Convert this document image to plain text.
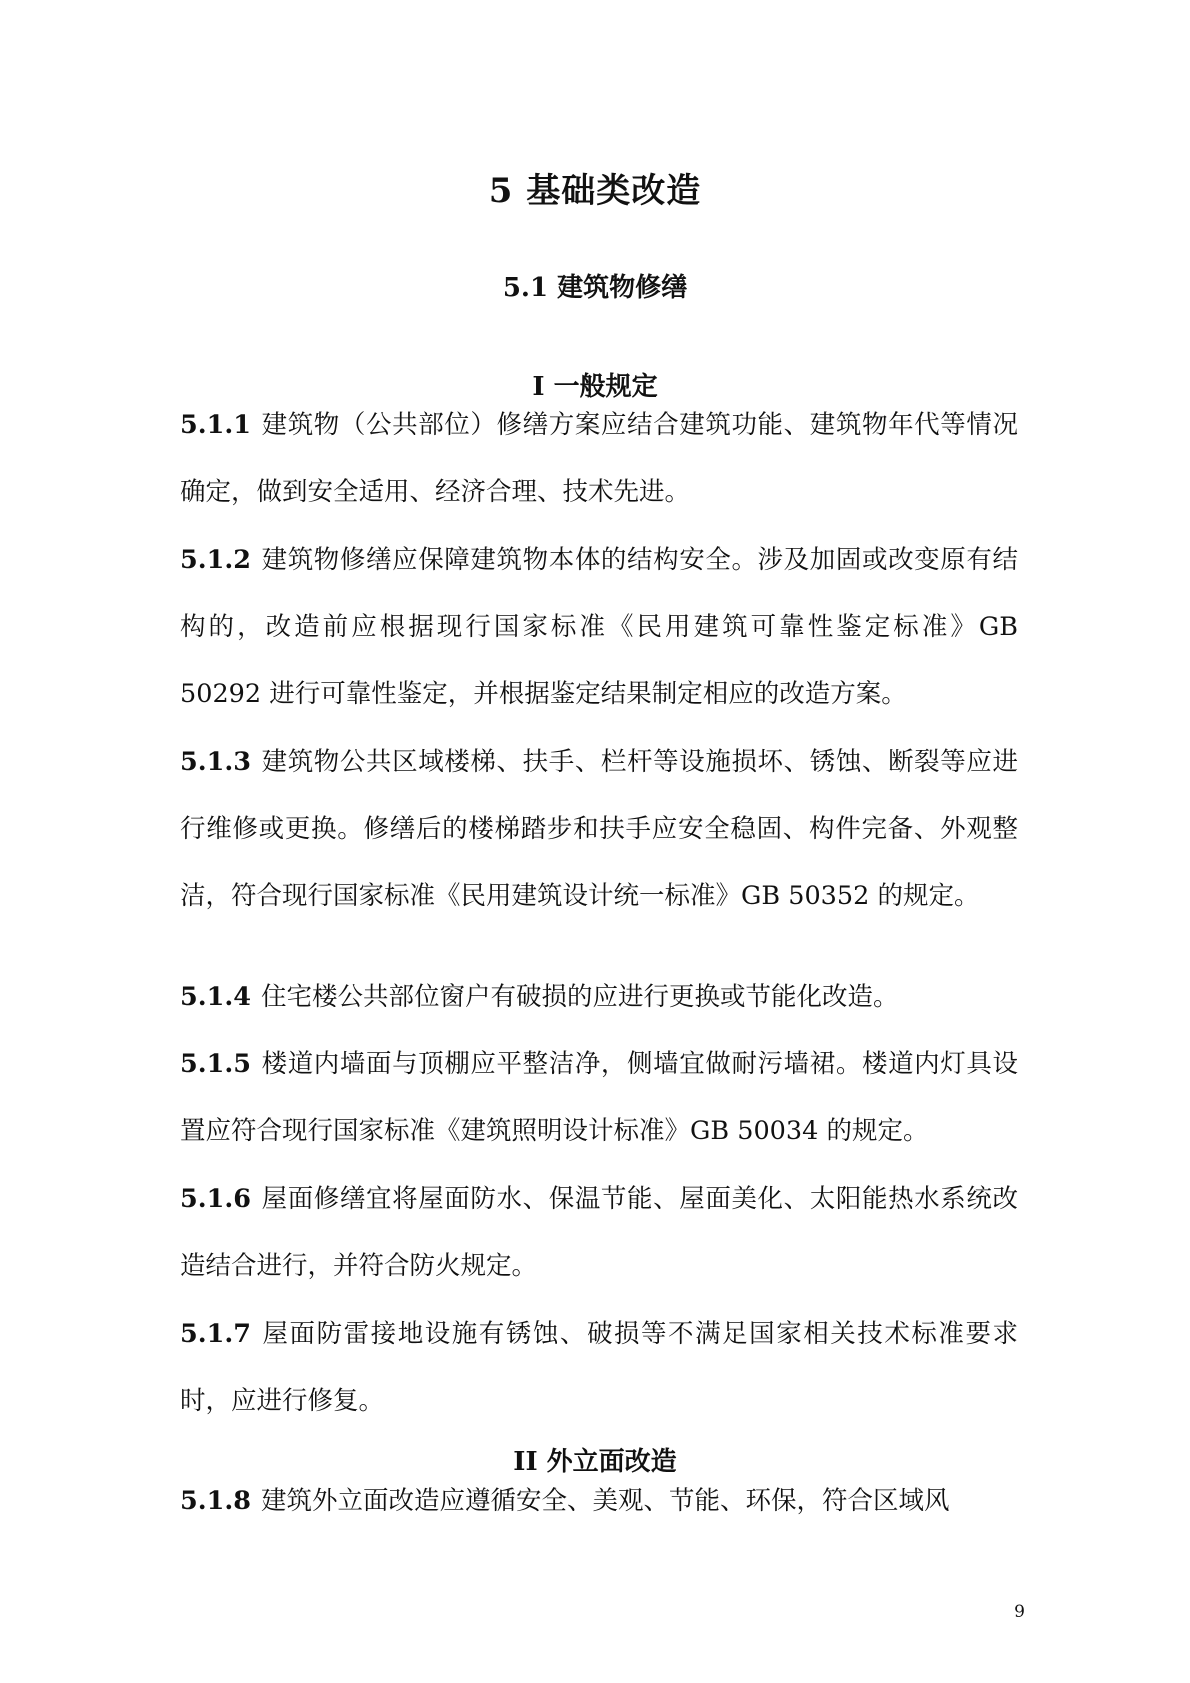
5 基础类改造
5.1 建筑物修缮
I 一般规定

5.1.1 建筑物（公共部位）修缮方案应结合建筑功能、建筑物年代等情况确定，做到安全适用、经济合理、技术先进。

5.1.2 建筑物修缮应保障建筑物本体的结构安全。涉及加固或改变原有结构的，改造前应根据现行国家标准《民用建筑可靠性鉴定标准》GB 50292 进行可靠性鉴定，并根据鉴定结果制定相应的改造方案。

5.1.3 建筑物公共区域楼梯、扶手、栏杆等设施损坏、锈蚀、断裂等应进行维修或更换。修缮后的楼梯踏步和扶手应安全稳固、构件完备、外观整洁，符合现行国家标准《民用建筑设计统一标准》GB 50352 的规定。

5.1.4 住宅楼公共部位窗户有破损的应进行更换或节能化改造。

5.1.5 楼道内墙面与顶棚应平整洁净，侧墙宜做耐污墙裙。楼道内灯具设置应符合现行国家标准《建筑照明设计标准》GB 50034 的规定。

5.1.6 屋面修缮宜将屋面防水、保温节能、屋面美化、太阳能热水系统改造结合进行，并符合防火规定。

5.1.7 屋面防雷接地设施有锈蚀、破损等不满足国家相关技术标准要求时，应进行修复。

II 外立面改造

5.1.8 建筑外立面改造应遵循安全、美观、节能、环保，符合区域风

9
